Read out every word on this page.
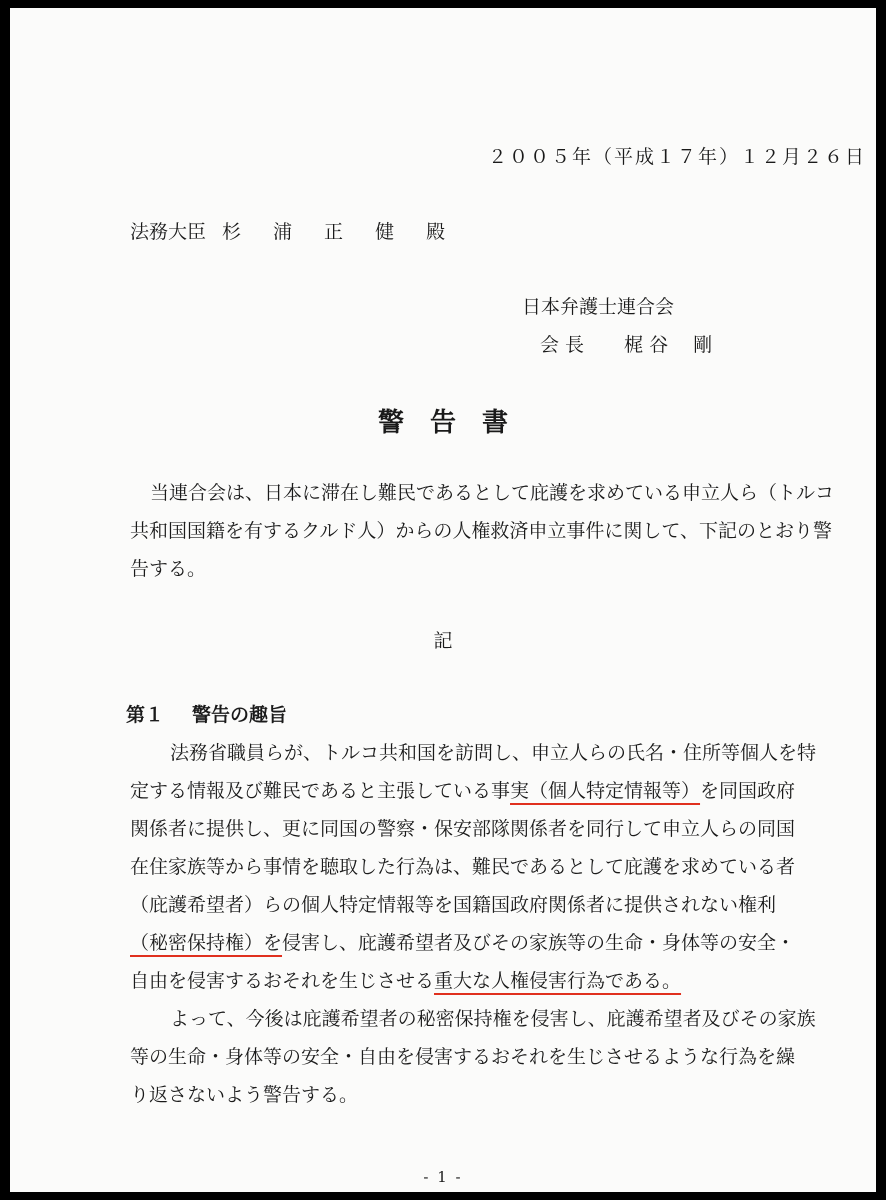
２００５年（平成１７年）１２月２６日
法務大臣 杉 浦 正 健 殿
日本弁護士連合会
会 長 梶 谷　 剛
警告書
当連合会は、日本に滞在し難民であるとして庇護を求めている申立人ら（トルコ
共和国国籍を有するクルド人）からの人権救済申立事件に関して、下記のとおり警
告する。
記
第１ 警告の趣旨
法務省職員らが、トルコ共和国を訪問し、申立人らの氏名・住所等個人を特
定する情報及び難民であると主張している事実（個人特定情報等）を同国政府
関係者に提供し、更に同国の警察・保安部隊関係者を同行して申立人らの同国
在住家族等から事情を聴取した行為は、難民であるとして庇護を求めている者
（庇護希望者）らの個人特定情報等を国籍国政府関係者に提供されない権利
（秘密保持権）を侵害し、庇護希望者及びその家族等の生命・身体等の安全・
自由を侵害するおそれを生じさせる重大な人権侵害行為である。
よって、今後は庇護希望者の秘密保持権を侵害し、庇護希望者及びその家族
等の生命・身体等の安全・自由を侵害するおそれを生じさせるような行為を繰
り返さないよう警告する。
- 1 -
